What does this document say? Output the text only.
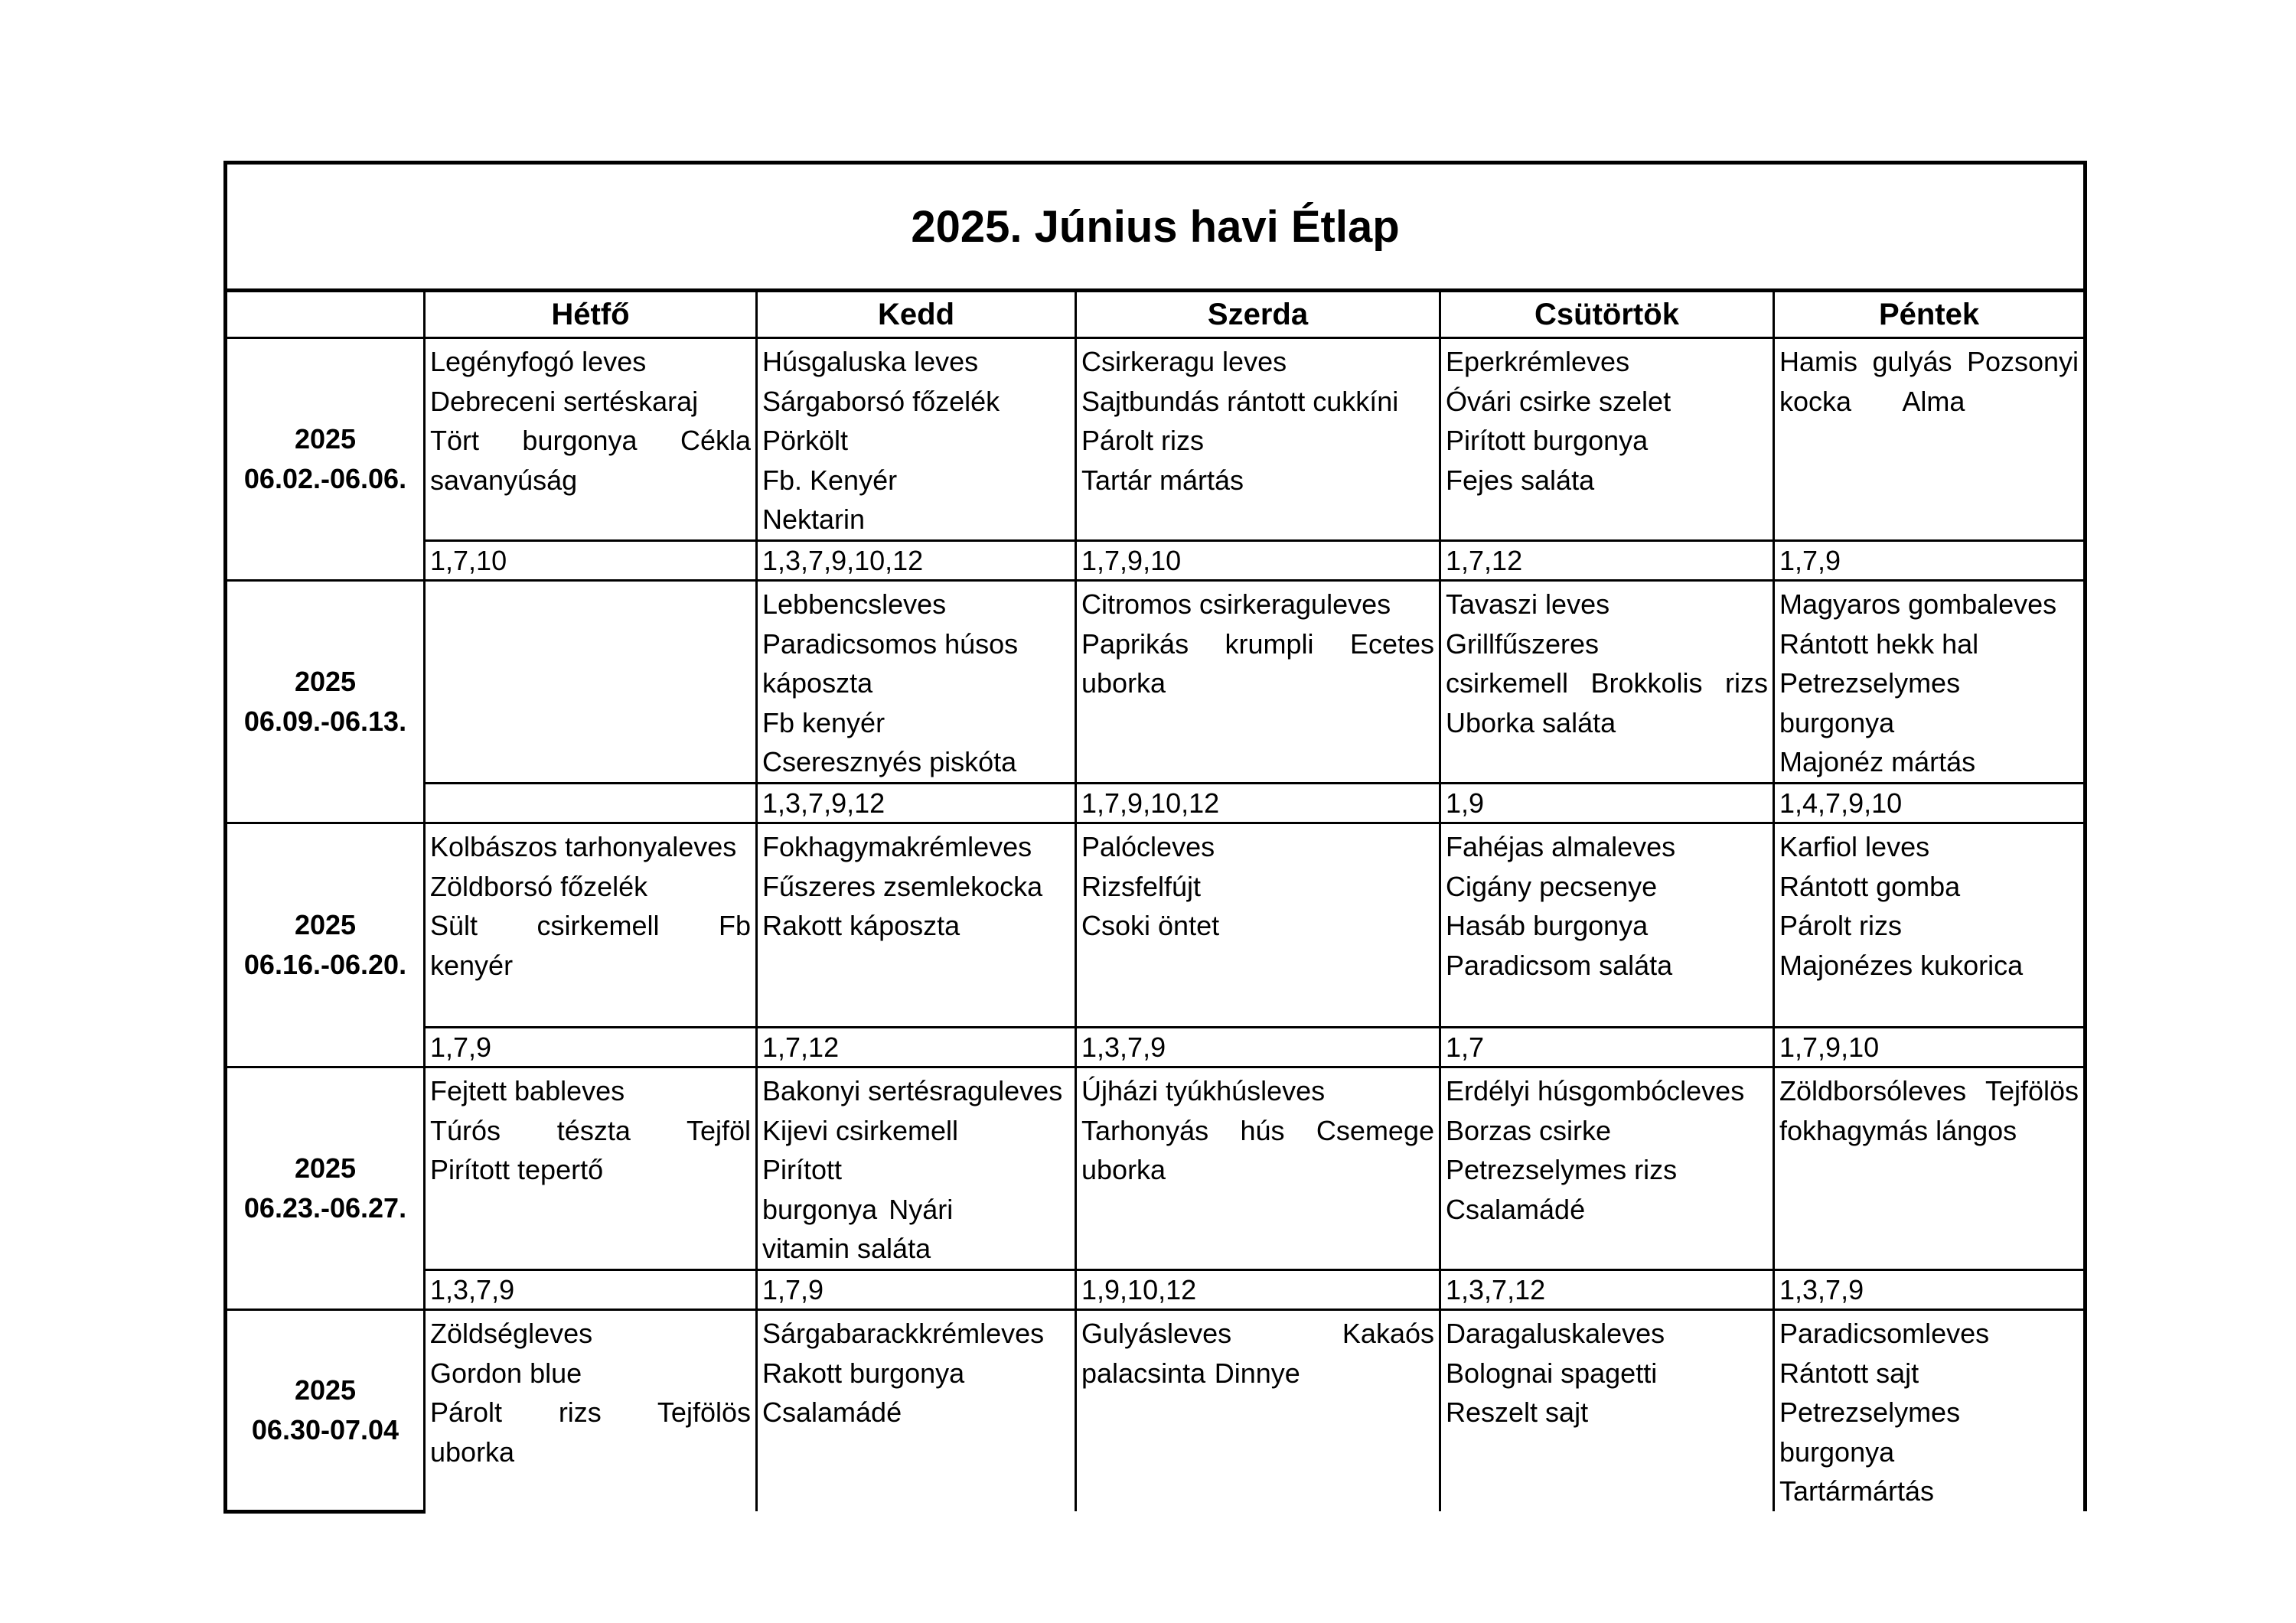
2025. Június havi Étlap					
	Hétfő	Kedd	Szerda	Csütörtök	Péntek

2025
06.02.-06.06.	Legényfogó leves
Debreceni sertéskaraj
Tört burgonya Cékla
savanyúság	Húsgaluska leves
Sárgaborsó főzelék
Pörkölt
Fb. Kenyér
Nektarin	Csirkeragu leves
Sajtbundás rántott cukkíni
Párolt rizs
Tartár mártás	Eperkrémleves
Óvári csirke szelet
Pirított burgonya
Fejes saláta	Hamis gulyás Pozsonyi
kocka Alma

	1,7,10	1,3,7,9,10,12	1,7,9,10	1,7,12	1,7,9

2025
06.09.-06.13.		Lebbencsleves
Paradicsomos húsos
káposzta
Fb kenyér
Cseresznyés piskóta	Citromos csirkeraguleves
Paprikás krumpli Ecetes
uborka	Tavaszi leves Grillfűszeres
csirkemell Brokkolis rizs
Uborka saláta	Magyaros gombaleves
Rántott hekk hal
Petrezselymes burgonya
Majonéz mártás

		1,3,7,9,12	1,7,9,10,12	1,9	1,4,7,9,10

2025
06.16.-06.20.	Kolbászos tarhonyaleves
Zöldborsó főzelék
Sült csirkemell Fb
kenyér	Fokhagymakrémleves
Fűszeres zsemlekocka
Rakott káposzta	Palócleves
Rizsfelfújt
Csoki öntet	Fahéjas almaleves
Cigány pecsenye
Hasáb burgonya
Paradicsom saláta	Karfiol leves
Rántott gomba
Párolt rizs
Majonézes kukorica

	1,7,9	1,7,12	1,3,7,9	1,7	1,7,9,10

2025
06.23.-06.27.	Fejtett bableves
Túrós tészta Tejföl
Pirított tepertő	Bakonyi sertésraguleves
Kijevi csirkemell
Pirított burgonya Nyári
vitamin saláta	Újházi tyúkhúsleves
Tarhonyás hús Csemege
uborka	Erdélyi húsgombócleves
Borzas csirke
Petrezselymes rizs
Csalamádé	Zöldborsóleves Tejfölös
fokhagymás lángos

	1,3,7,9	1,7,9	1,9,10,12	1,3,7,12	1,3,7,9

2025
06.30-07.04	Zöldségleves
Gordon blue
Párolt rizs Tejfölös
uborka	Sárgabarackkrémleves
Rakott burgonya
Csalamádé	Gulyásleves Kakaós
palacsinta Dinnye	Daragaluskaleves
Bolognai spagetti
Reszelt sajt	Paradicsomleves
Rántott sajt
Petrezselymes burgonya
Tartármártás
